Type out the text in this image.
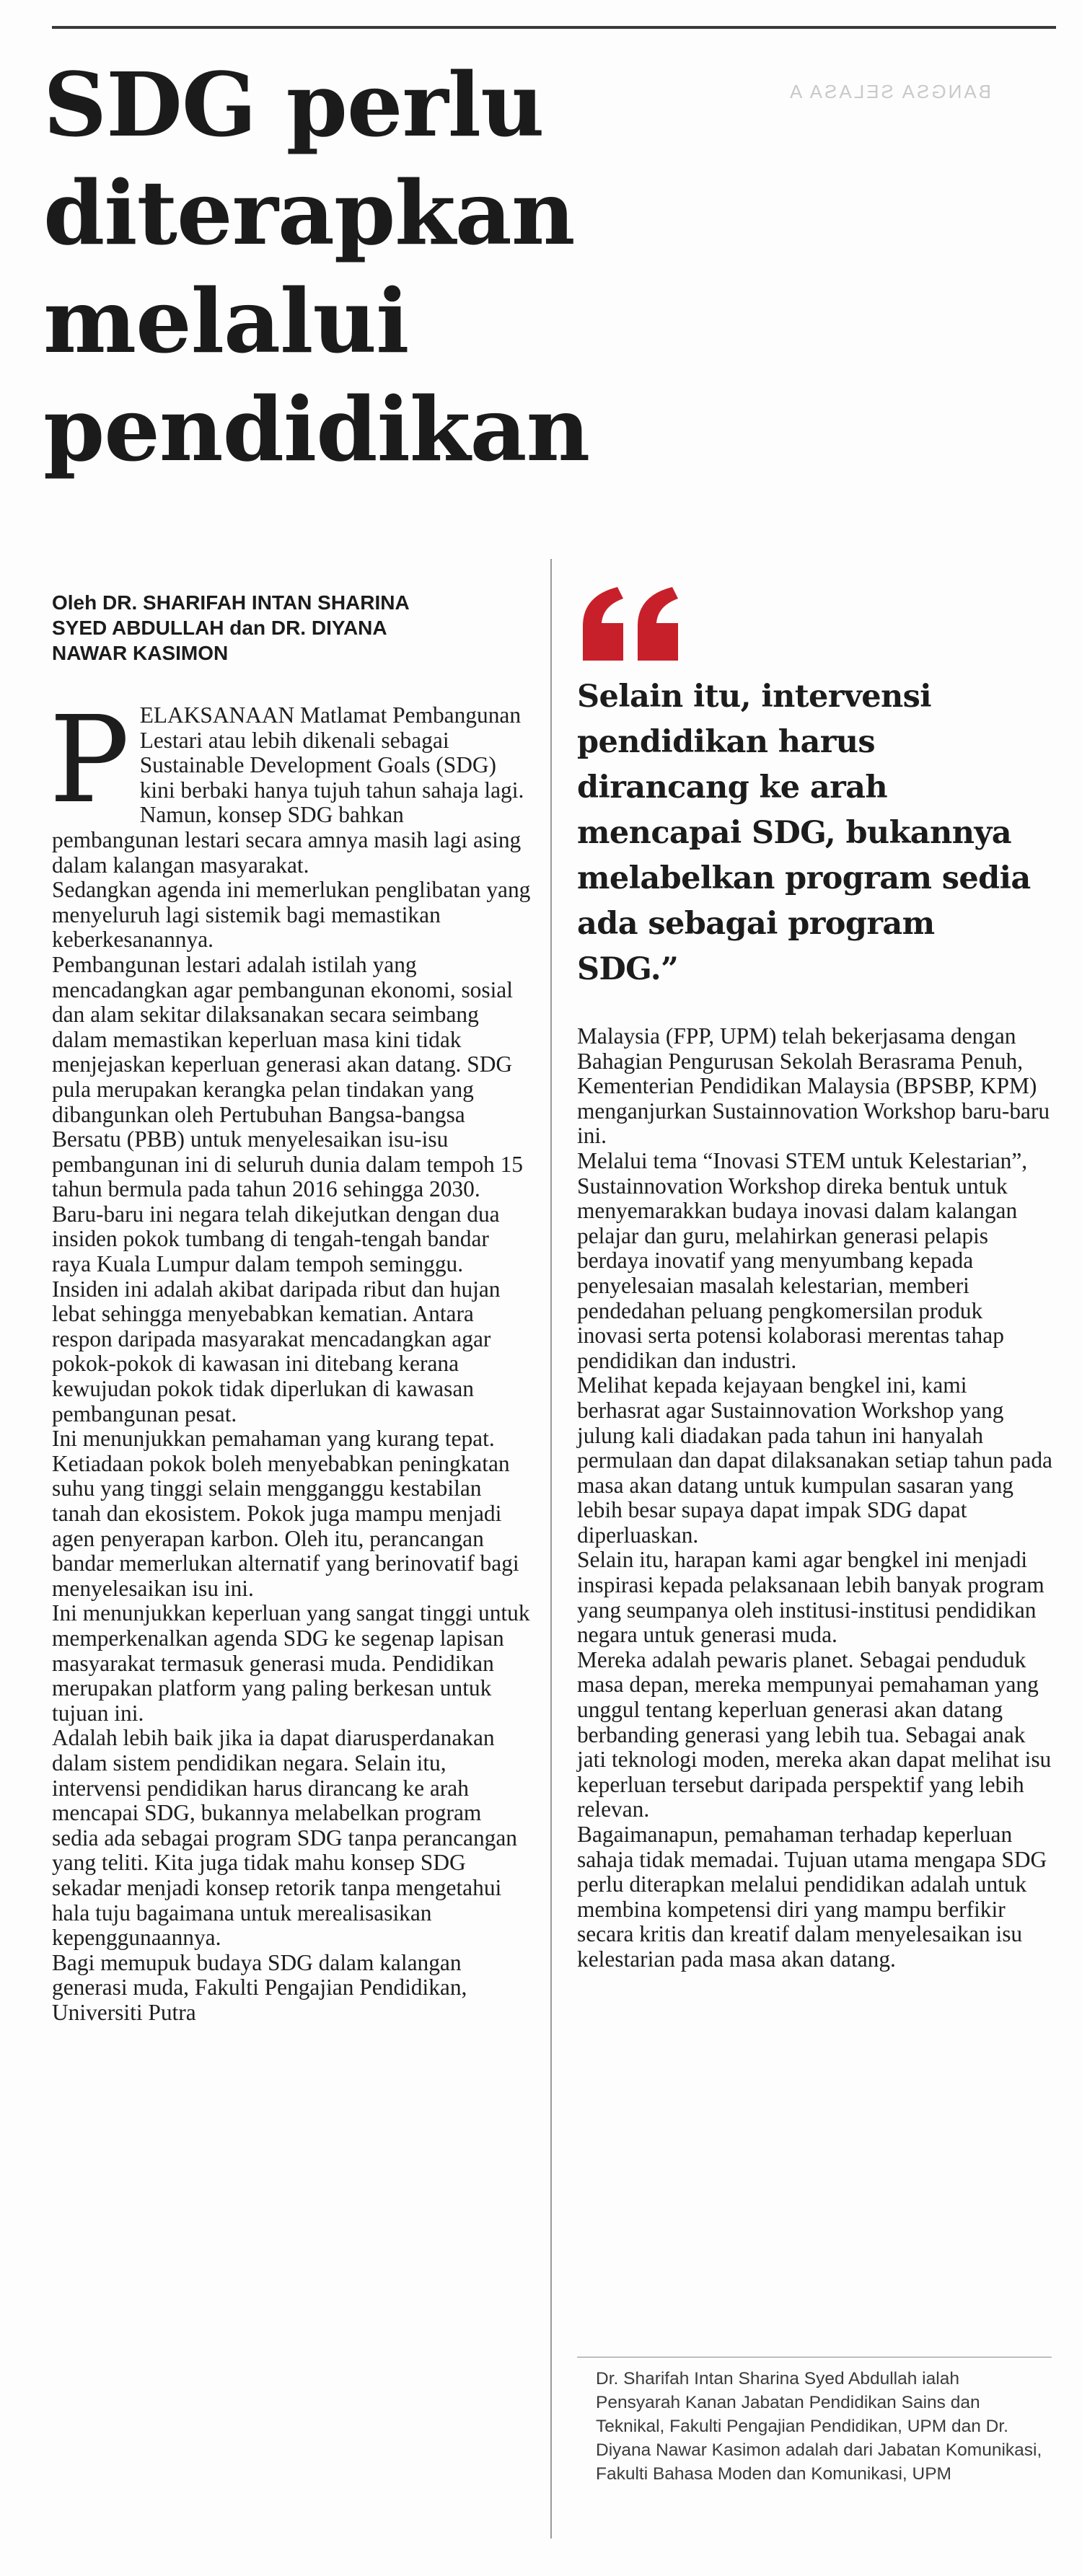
BANGSA SELASA A
SDG perlu
diterapkan
melalui
pendidikan
Oleh DR. SHARIFAH INTAN SHARINA
SYED ABDULLAH dan DR. DIYANA
NAWAR KASIMON

PELAKSANAAN Matlamat Pembangunan Lestari atau lebih dikenali sebagai Sustainable Development Goals (SDG) kini berbaki hanya tujuh tahun sahaja lagi. Namun, konsep SDG bahkan pembangunan lestari secara amnya masih lagi asing dalam kalangan masyarakat.

Sedangkan agenda ini memerlukan penglibatan yang menyeluruh lagi sistemik bagi memastikan keberkesanannya.

Pembangunan lestari adalah istilah yang mencadangkan agar pembangunan ekonomi, sosial dan alam sekitar dilaksanakan secara seimbang dalam memastikan keperluan masa kini tidak menjejaskan keperluan generasi akan datang. SDG pula merupakan kerangka pelan tindakan yang dibangunkan oleh Pertubuhan Bangsa-bangsa Bersatu (PBB) untuk menyelesaikan isu-isu pembangunan ini di seluruh dunia dalam tempoh 15 tahun bermula pada tahun 2016 sehingga 2030.

Baru-baru ini negara telah dikejutkan dengan dua insiden pokok tumbang di tengah-tengah bandar raya Kuala Lumpur dalam tempoh seminggu. Insiden ini adalah akibat daripada ribut dan hujan lebat sehingga menyebabkan kematian. Antara respon daripada masyarakat mencadangkan agar pokok-pokok di kawasan ini ditebang kerana kewujudan pokok tidak diperlukan di kawasan pembangunan pesat.

Ini menunjukkan pemahaman yang kurang tepat. Ketiadaan pokok boleh menyebabkan peningkatan suhu yang tinggi selain mengganggu kestabilan tanah dan ekosistem. Pokok juga mampu menjadi agen penyerapan karbon. Oleh itu, perancangan bandar memerlukan alternatif yang berinovatif bagi menyelesaikan isu ini.

Ini menunjukkan keperluan yang sangat tinggi untuk memperkenalkan agenda SDG ke segenap lapisan masyarakat termasuk generasi muda. Pendidikan merupakan platform yang paling berkesan untuk tujuan ini.

Adalah lebih baik jika ia dapat diarusperdanakan dalam sistem pendidikan negara. Selain itu, intervensi pendidikan harus dirancang ke arah mencapai SDG, bukannya melabelkan program sedia ada sebagai program SDG tanpa perancangan yang teliti. Kita juga tidak mahu konsep SDG sekadar menjadi konsep retorik tanpa mengetahui hala tuju bagaimana untuk merealisasikan kepenggunaannya.

Bagi memupuk budaya SDG dalam kalangan generasi muda, Fakulti Pengajian Pendidikan, Universiti Putra

Selain itu, intervensi pendidikan harus dirancang ke arah mencapai SDG, bukannya melabelkan program sedia ada sebagai program SDG.”

Malaysia (FPP, UPM) telah bekerjasama dengan Bahagian Pengurusan Sekolah Berasrama Penuh, Kementerian Pendidikan Malaysia (BPSBP, KPM) menganjurkan Sustainnovation Workshop baru-baru ini.

Melalui tema “Inovasi STEM untuk Kelestarian”, Sustainnovation Workshop direka bentuk untuk menyemarakkan budaya inovasi dalam kalangan pelajar dan guru, melahirkan generasi pelapis berdaya inovatif yang menyumbang kepada penyelesaian masalah kelestarian, memberi pendedahan peluang pengkomersilan produk inovasi serta potensi kolaborasi merentas tahap pendidikan dan industri.

Melihat kepada kejayaan bengkel ini, kami berhasrat agar Sustainnovation Workshop yang julung kali diadakan pada tahun ini hanyalah permulaan dan dapat dilaksanakan setiap tahun pada masa akan datang untuk kumpulan sasaran yang lebih besar supaya dapat impak SDG dapat diperluaskan.

Selain itu, harapan kami agar bengkel ini menjadi inspirasi kepada pelaksanaan lebih banyak program yang seumpanya oleh institusi-institusi pendidikan negara untuk generasi muda.

Mereka adalah pewaris planet. Sebagai penduduk masa depan, mereka mempunyai pemahaman yang unggul tentang keperluan generasi akan datang berbanding generasi yang lebih tua. Sebagai anak jati teknologi moden, mereka akan dapat melihat isu keperluan tersebut daripada perspektif yang lebih relevan.

Bagaimanapun, pemahaman terhadap keperluan sahaja tidak memadai. Tujuan utama mengapa SDG perlu diterapkan melalui pendidikan adalah untuk membina kompetensi diri yang mampu berfikir secara kritis dan kreatif dalam menyelesaikan isu kelestarian pada masa akan datang.

Dr. Sharifah Intan Sharina Syed Abdullah ialah Pensyarah Kanan Jabatan Pendidikan Sains dan Teknikal, Fakulti Pengajian Pendidikan, UPM dan Dr. Diyana Nawar Kasimon adalah dari Jabatan Komunikasi, Fakulti Bahasa Moden dan Komunikasi, UPM
